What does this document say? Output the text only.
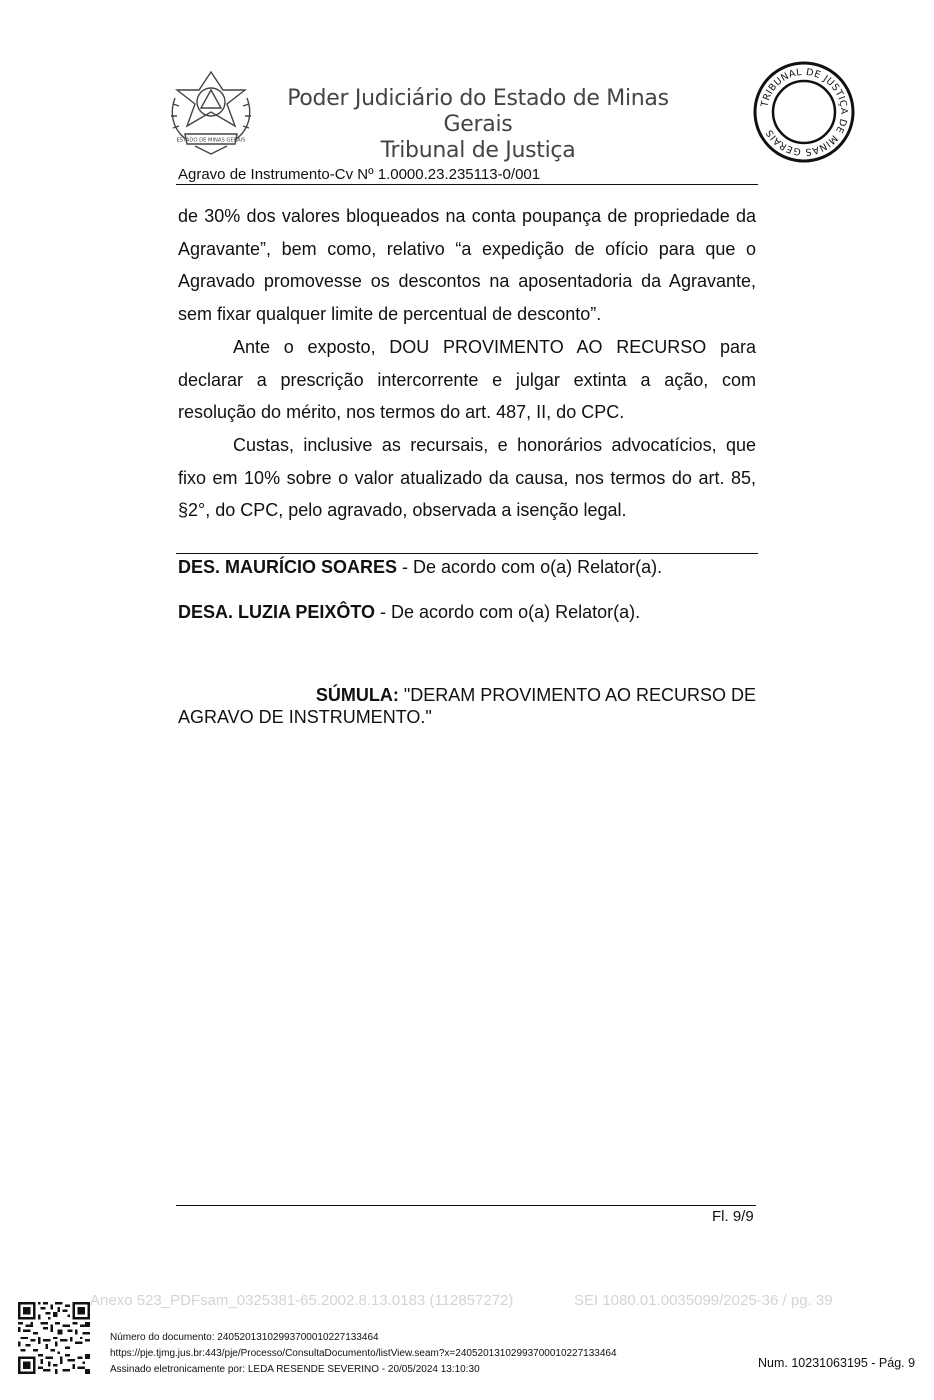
ESTADO DE MINAS GERAIS
Poder Judiciário do Estado de Minas Gerais
Tribunal de Justiça
TRIBUNAL DE JUSTIÇA DE MINAS GERAIS
Agravo de Instrumento-Cv Nº 1.0000.23.235113-0/001
de 30% dos valores bloqueados na conta poupança de propriedade da Agravante”, bem como, relativo “a expedição de ofício para que o Agravado promovesse os descontos na aposentadoria da Agravante, sem fixar qualquer limite de percentual de desconto”.
Ante o exposto, DOU PROVIMENTO AO RECURSO para declarar a prescrição intercorrente e julgar extinta a ação, com resolução do mérito, nos termos do art. 487, II, do CPC.
Custas, inclusive as recursais, e honorários advocatícios, que fixo em 10% sobre o valor atualizado da causa, nos termos do art. 85, §2°, do CPC, pelo agravado, observada a isenção legal.
DES. MAURÍCIO SOARES - De acordo com o(a) Relator(a).
DESA. LUZIA PEIXÔTO - De acordo com o(a) Relator(a).
SÚMULA: "DERAM PROVIMENTO AO RECURSO DE
AGRAVO DE INSTRUMENTO."
Fl. 9/9
Anexo 523_PDFsam_0325381-65.2002.8.13.0183 (112857272)	SEI 1080.01.0035099/2025-36 / pg. 39
Número do documento: 24052013102993700010227133464
https://pje.tjmg.jus.br:443/pje/Processo/ConsultaDocumento/listView.seam?x=24052013102993700010227133464
Assinado eletronicamente por: LEDA RESENDE SEVERINO - 20/05/2024 13:10:30	Num. 10231063195 - Pág. 9
